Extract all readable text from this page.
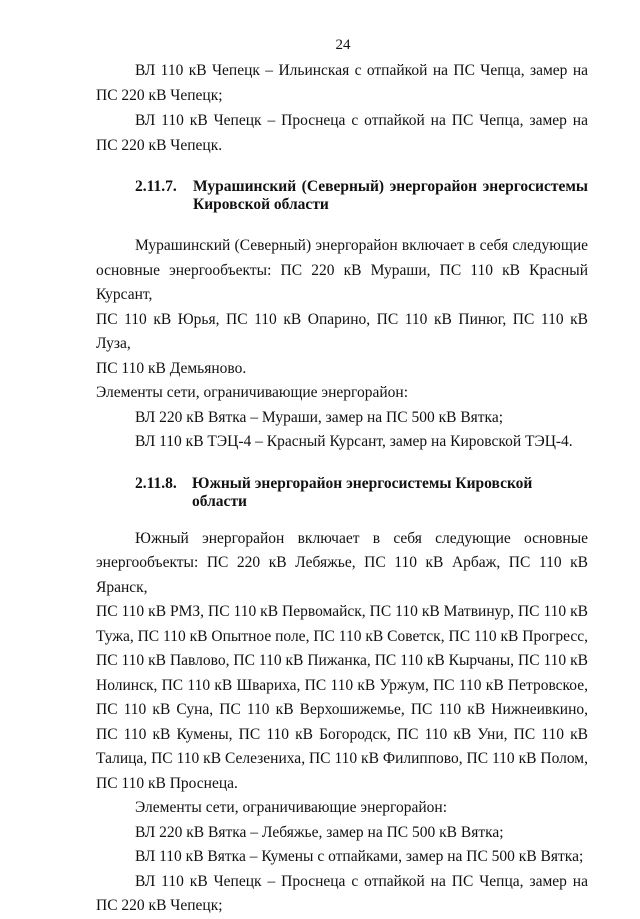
24

ВЛ 110 кВ Чепецк – Ильинская с отпайкой на ПС Чепца, замер на

ПС 220 кВ Чепецк;

ВЛ 110 кВ Чепецк – Проснеца с отпайкой на ПС Чепца, замер на

ПС 220 кВ Чепецк.

2.11.7.	Мурашинский (Северный) энергорайон энергосистемы
Кировской области

Мурашинский (Северный) энергорайон включает в себя следующие

основные энергообъекты: ПС 220 кВ Мураши, ПС 110 кВ Красный Курсант,

ПС 110 кВ Юрья, ПС 110 кВ Опарино, ПС 110 кВ Пинюг, ПС 110 кВ Луза,

ПС 110 кВ Демьяново.

Элементы сети, ограничивающие энергорайон:

ВЛ 220 кВ Вятка – Мураши, замер на ПС 500 кВ Вятка;

ВЛ 110 кВ ТЭЦ-4 – Красный Курсант, замер на Кировской ТЭЦ-4.

2.11.8. Южный энергорайон энергосистемы Кировской области

Южный энергорайон включает в себя следующие основные

энергообъекты: ПС 220 кВ Лебяжье, ПС 110 кВ Арбаж, ПС 110 кВ Яранск,

ПС 110 кВ РМЗ, ПС 110 кВ Первомайск, ПС 110 кВ Матвинур, ПС 110 кВ

Тужа, ПС 110 кВ Опытное поле, ПС 110 кВ Советск, ПС 110 кВ Прогресс,

ПС 110 кВ Павлово, ПС 110 кВ Пижанка, ПС 110 кВ Кырчаны, ПС 110 кВ

Нолинск, ПС 110 кВ Швариха, ПС 110 кВ Уржум, ПС 110 кВ Петровское,

ПС 110 кВ Суна, ПС 110 кВ Верхошижемье, ПС 110 кВ Нижнеивкино,

ПС 110 кВ Кумены, ПС 110 кВ Богородск, ПС 110 кВ Уни, ПС 110 кВ

Талица, ПС 110 кВ Селезениха, ПС 110 кВ Филиппово, ПС 110 кВ Полом,

ПС 110 кВ Проснеца.

Элементы сети, ограничивающие энергорайон:

ВЛ 220 кВ Вятка – Лебяжье, замер на ПС 500 кВ Вятка;

ВЛ 110 кВ Вятка – Кумены с отпайками, замер на ПС 500 кВ Вятка;

ВЛ 110 кВ Чепецк – Проснеца с отпайкой на ПС Чепца, замер на

ПС 220 кВ Чепецк;
